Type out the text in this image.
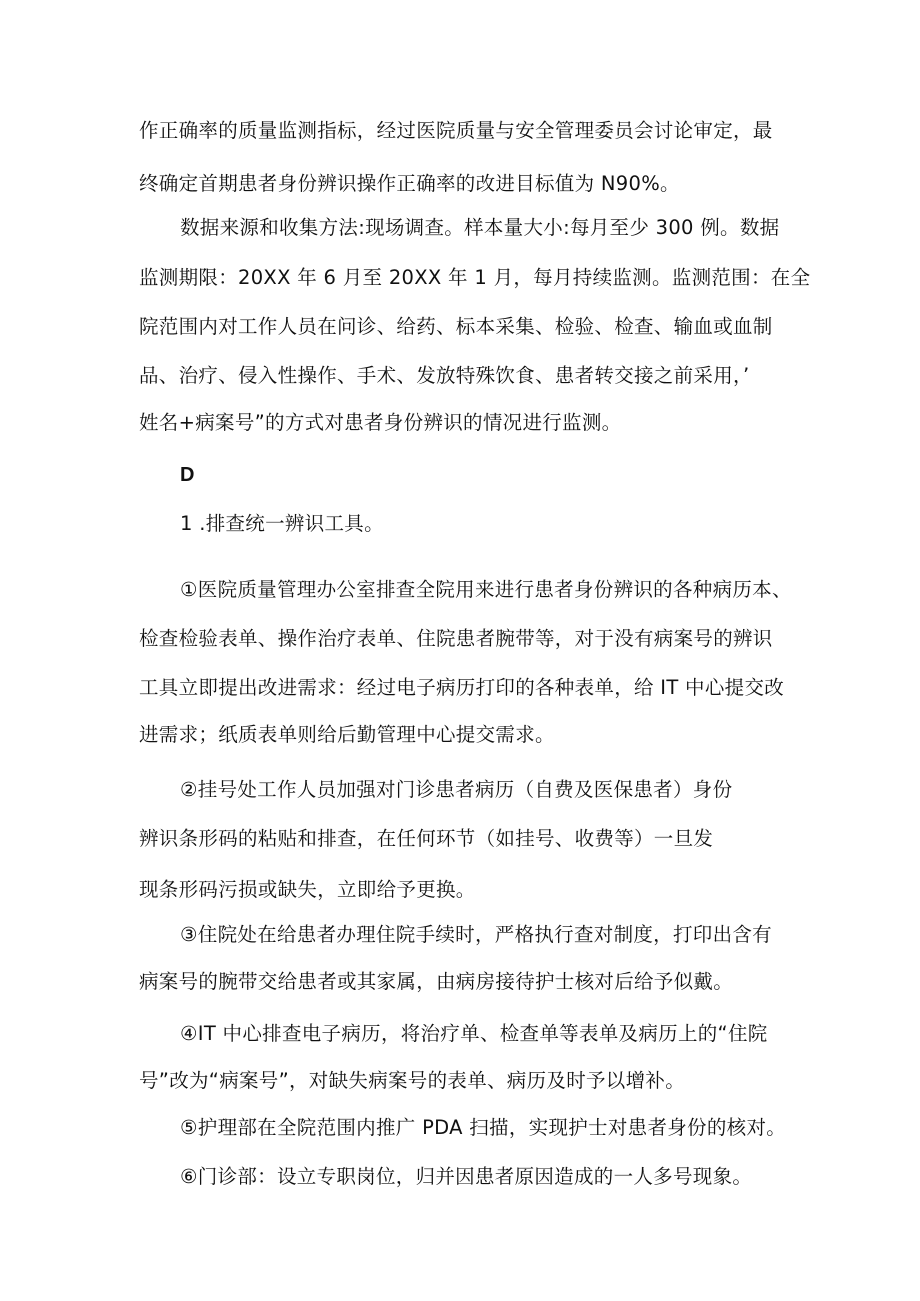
作正确率的质量监测指标，经过医院质量与安全管理委员会讨论审定，最
终确定首期患者身份辨识操作正确率的改进目标值为 N90%。
数据来源和收集方法:现场调查。样本量大小:每月至少 300 例。数据
监测期限：20XX 年 6 月至 20XX 年 1 月，每月持续监测。监测范围：在全
院范围内对工作人员在问诊、给药、标本采集、检验、检查、输血或血制
品、治疗、侵入性操作、手术、发放特殊饮食、患者转交接之前采用，’
姓名+病案号”的方式对患者身份辨识的情况进行监测。
D
1 .排查统一辨识工具。
①医院质量管理办公室排查全院用来进行患者身份辨识的各种病历本、
检查检验表单、操作治疗表单、住院患者腕带等，对于没有病案号的辨识
工具立即提出改进需求：经过电子病历打印的各种表单，给 IT 中心提交改
进需求；纸质表单则给后勤管理中心提交需求。
②挂号处工作人员加强对门诊患者病历（自费及医保患者）身份
辨识条形码的粘贴和排查，在任何环节（如挂号、收费等）一旦发
现条形码污损或缺失，立即给予更换。
③住院处在给患者办理住院手续时，严格执行查对制度，打印出含有
病案号的腕带交给患者或其家属，由病房接待护士核对后给予似戴。
④IT 中心排查电子病历，将治疗单、检查单等表单及病历上的“住院
号”改为“病案号”，对缺失病案号的表单、病历及时予以增补。
⑤护理部在全院范围内推广 PDA 扫描，实现护士对患者身份的核对。
⑥门诊部：设立专职岗位，归并因患者原因造成的一人多号现象。
